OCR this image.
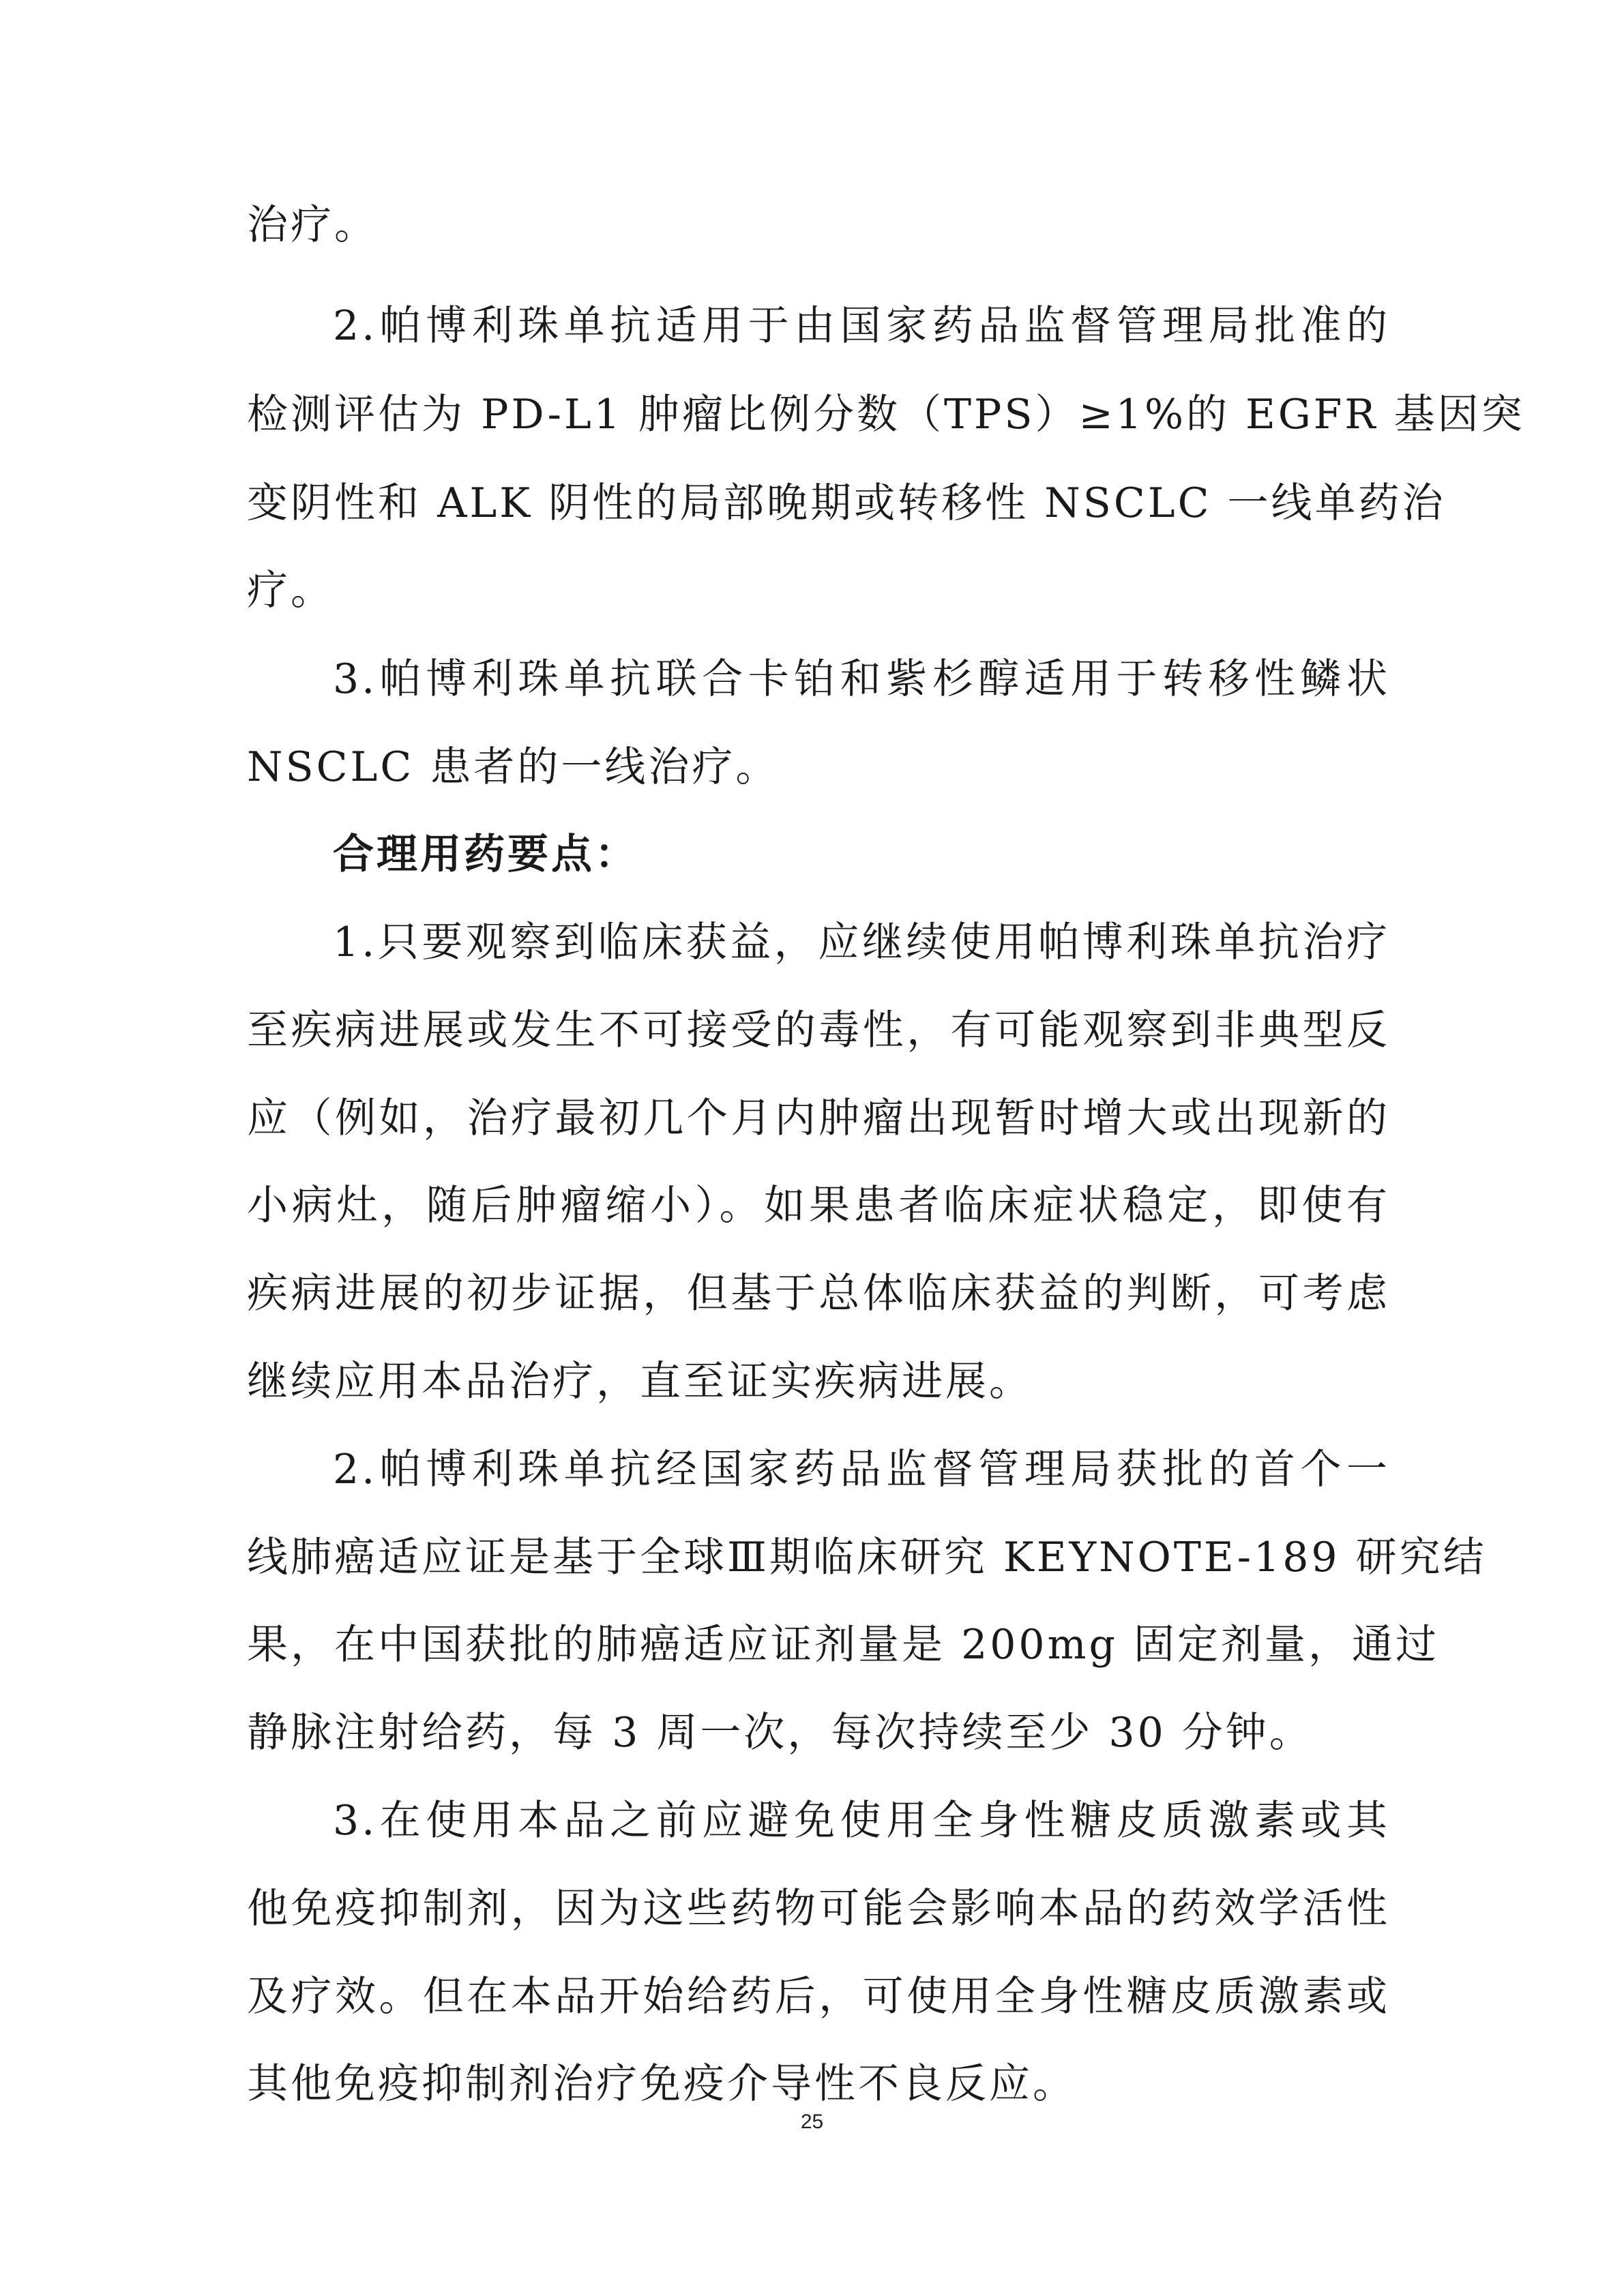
治疗。
2.帕博利珠单抗适用于由国家药品监督管理局批准的
检测评估为 PD-L1 肿瘤比例分数（TPS）≥1%的 EGFR 基因突
变阴性和 ALK 阴性的局部晚期或转移性 NSCLC 一线单药治
疗。
3.帕博利珠单抗联合卡铂和紫杉醇适用于转移性鳞状
NSCLC 患者的一线治疗。
合理用药要点：
1.只要观察到临床获益，应继续使用帕博利珠单抗治疗
至疾病进展或发生不可接受的毒性，有可能观察到非典型反
应（例如，治疗最初几个月内肿瘤出现暂时增大或出现新的
小病灶，随后肿瘤缩小）。如果患者临床症状稳定，即使有
疾病进展的初步证据，但基于总体临床获益的判断，可考虑
继续应用本品治疗，直至证实疾病进展。
2.帕博利珠单抗经国家药品监督管理局获批的首个一
线肺癌适应证是基于全球Ⅲ期临床研究 KEYNOTE-189 研究结
果，在中国获批的肺癌适应证剂量是 200mg 固定剂量，通过
静脉注射给药，每 3 周一次，每次持续至少 30 分钟。
3.在使用本品之前应避免使用全身性糖皮质激素或其
他免疫抑制剂，因为这些药物可能会影响本品的药效学活性
及疗效。但在本品开始给药后，可使用全身性糖皮质激素或
其他免疫抑制剂治疗免疫介导性不良反应。
25
